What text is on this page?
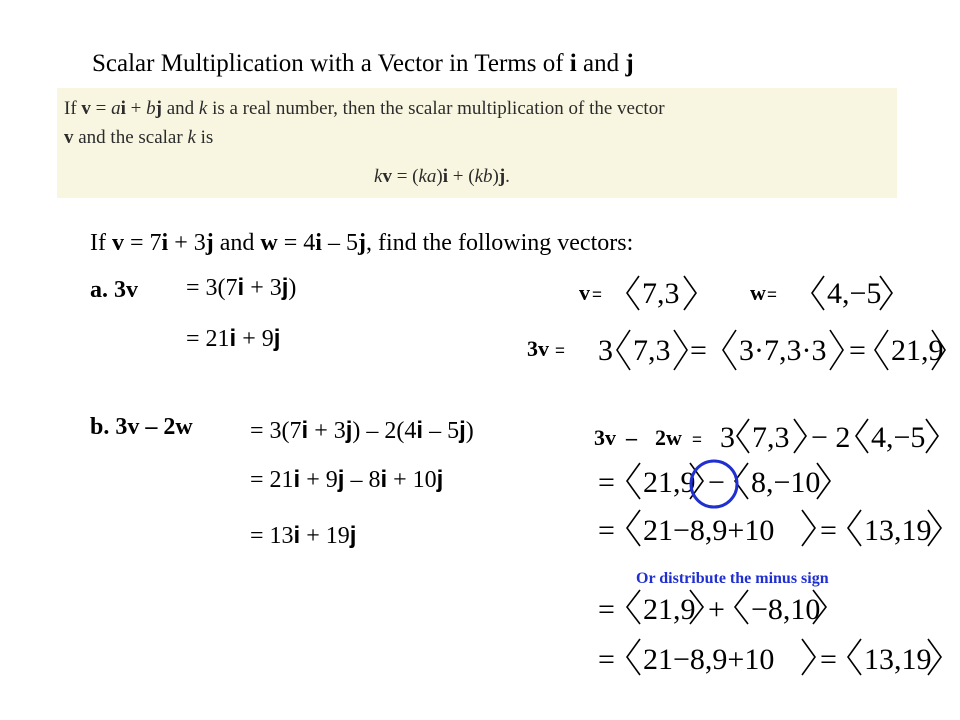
Scalar Multiplication with a Vector in Terms of i and j
If v = ai + bj and k is a real number, then the scalar multiplication of the vector
v and the scalar k is
kv = (ka)i + (kb)j.
If v = 7i + 3j and w = 4i – 5j, find the following vectors:
a. 3v = 3(7i + 3j)
= 21i + 9j
b. 3v – 2w = 3(7i + 3j) – 2(4i – 5j)
= 21i + 9j – 8i + 10j
= 13i + 19j
v = 7,3	w = 4,−5
3v = 3 7,3 = 3·7,3·3 = 21,9
3v – 2w = 3 7,3 − 2 4,−5
= 21,9 − 8,−10
= 21−8,9+10 = 13,19
Or distribute the minus sign
= 21,9 + −8,10
= 21−8,9+10 = 13,19
